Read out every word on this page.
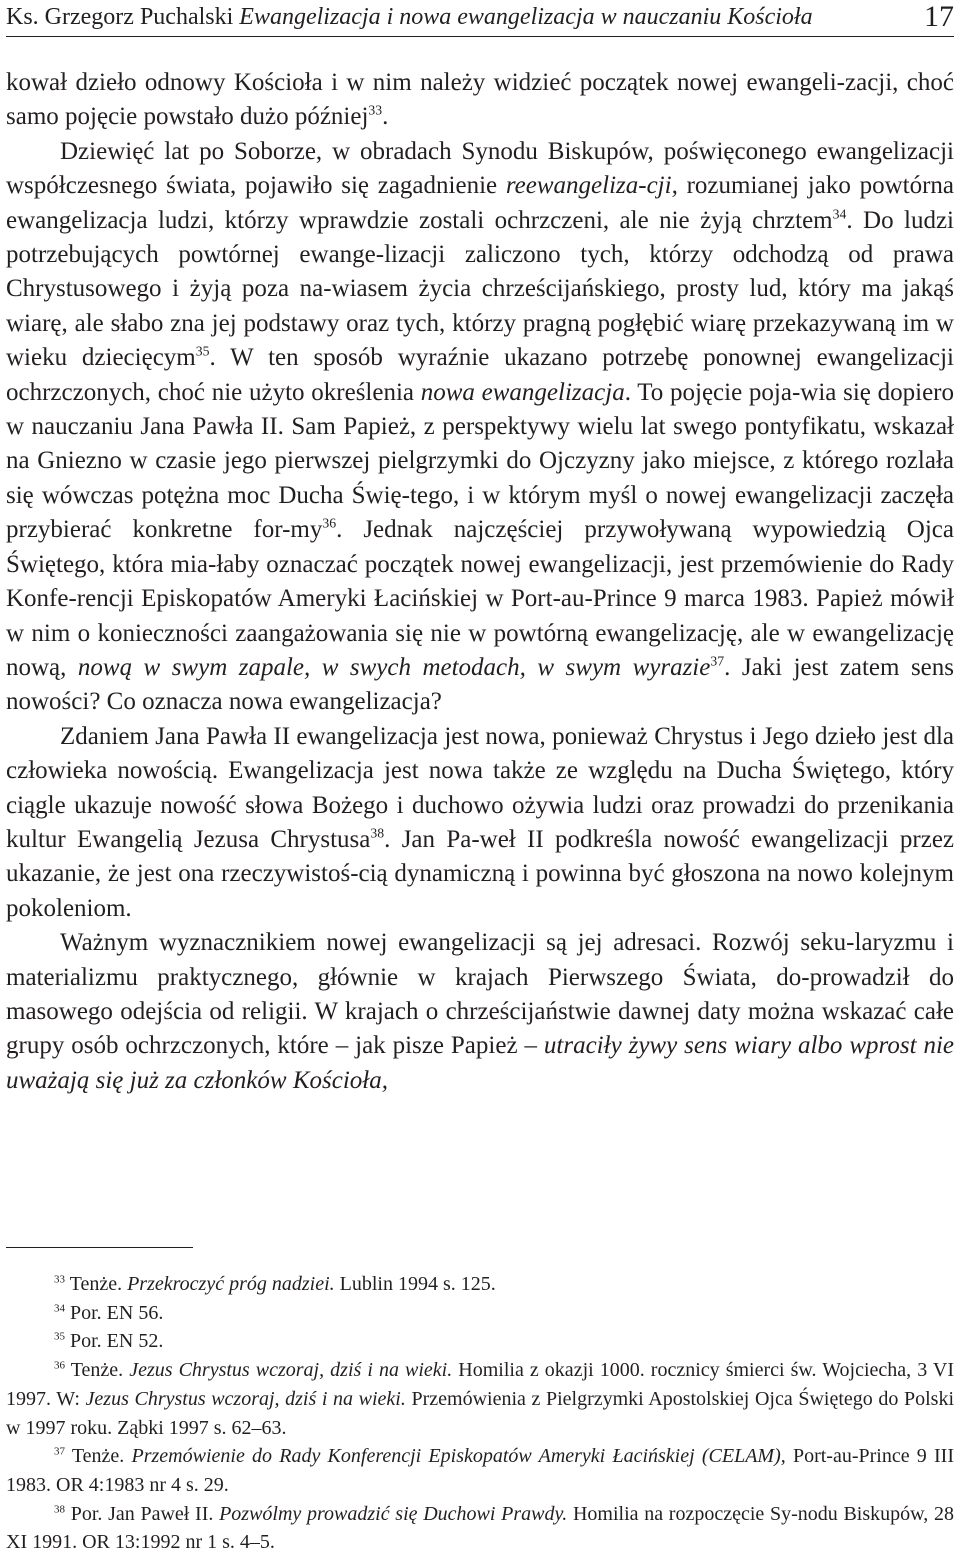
Ks. Grzegorz Puchalski Ewangelizacja i nowa ewangelizacja w nauczaniu Kościoła	17

kował dzieło odnowy Kościoła i w nim należy widzieć początek nowej ewangeli-zacji, choć samo pojęcie powstało dużo później$^{33}$.

Dziewięć lat po Soborze, w obradach Synodu Biskupów, poświęconego ewangelizacji współczesnego świata, pojawiło się zagadnienie reewangeliza-cji, rozumianej jako powtórna ewangelizacja ludzi, którzy wprawdzie zostali ochrzczeni, ale nie żyją chrztem$^{34}$. Do ludzi potrzebujących powtórnej ewange-lizacji zaliczono tych, którzy odchodzą od prawa Chrystusowego i żyją poza na-wiasem życia chrześcijańskiego, prosty lud, który ma jakąś wiarę, ale słabo zna jej podstawy oraz tych, którzy pragną pogłębić wiarę przekazywaną im w wieku dziecięcym$^{35}$. W ten sposób wyraźnie ukazano potrzebę ponownej ewangelizacji ochrzczonych, choć nie użyto określenia nowa ewangelizacja. To pojęcie poja-wia się dopiero w nauczaniu Jana Pawła II. Sam Papież, z perspektywy wielu lat swego pontyfikatu, wskazał na Gniezno w czasie jego pierwszej pielgrzymki do Ojczyzny jako miejsce, z którego rozlała się wówczas potężna moc Ducha Świę-tego, i w którym myśl o nowej ewangelizacji zaczęła przybierać konkretne for-$my^{36}$. Jednak najczęściej przywoływaną wypowiedzią Ojca Świętego, która mia-łaby oznaczać początek nowej ewangelizacji, jest przemówienie do Rady Konfe-rencji Episkopatów Ameryki Łacińskiej w Port-au-Prince 9 marca 1983. Papież mówił w nim o konieczności zaangażowania się nie w powtórną ewangelizację, ale w ewangelizację nową, nową w swym zapale, w swych metodach, w swym wyrazie$^{37}$. Jaki jest zatem sens nowości? Co oznacza nowa ewangelizacja?

Zdaniem Jana Pawła II ewangelizacja jest nowa, ponieważ Chrystus i Jego dzieło jest dla człowieka nowością. Ewangelizacja jest nowa także ze względu na Ducha Świętego, który ciągle ukazuje nowość słowa Bożego i duchowo ożywia ludzi oraz prowadzi do przenikania kultur Ewangelią Jezusa Chrystusa$^{38}$. Jan Pa-weł II podkreśla nowość ewangelizacji przez ukazanie, że jest ona rzeczywistoś-cią dynamiczną i powinna być głoszona na nowo kolejnym pokoleniom.

Ważnym wyznacznikiem nowej ewangelizacji są jej adresaci. Rozwój seku-laryzmu i materializmu praktycznego, głównie w krajach Pierwszego Świata, do-prowadził do masowego odejścia od religii. W krajach o chrześcijaństwie dawnej daty można wskazać całe grupy osób ochrzczonych, które – jak pisze Papież – utraciły żywy sens wiary albo wprost nie uważają się już za członków Kościoła,

$^{33}$ Tenże. Przekroczyć próg nadziei. Lublin 1994 s. 125.

$^{34}$ Por. EN 56.

$^{35}$ Por. EN 52.

$^{36}$ Tenże. Jezus Chrystus wczoraj, dziś i na wieki. Homilia z okazji 1000. rocznicy śmierci św. Wojciecha, 3 VI 1997. W: Jezus Chrystus wczoraj, dziś i na wieki. Przemówienia z Pielgrzymki Apostolskiej Ojca Świętego do Polski w 1997 roku. Ząbki 1997 s. 62–63.

$^{37}$ Tenże. Przemówienie do Rady Konferencji Episkopatów Ameryki Łacińskiej (CELAM), Port-au-Prince 9 III 1983. OR 4:1983 nr 4 s. 29.

$^{38}$ Por. Jan Paweł II. Pozwólmy prowadzić się Duchowi Prawdy. Homilia na rozpoczęcie Sy-nodu Biskupów, 28 XI 1991. OR 13:1992 nr 1 s. 4–5.
